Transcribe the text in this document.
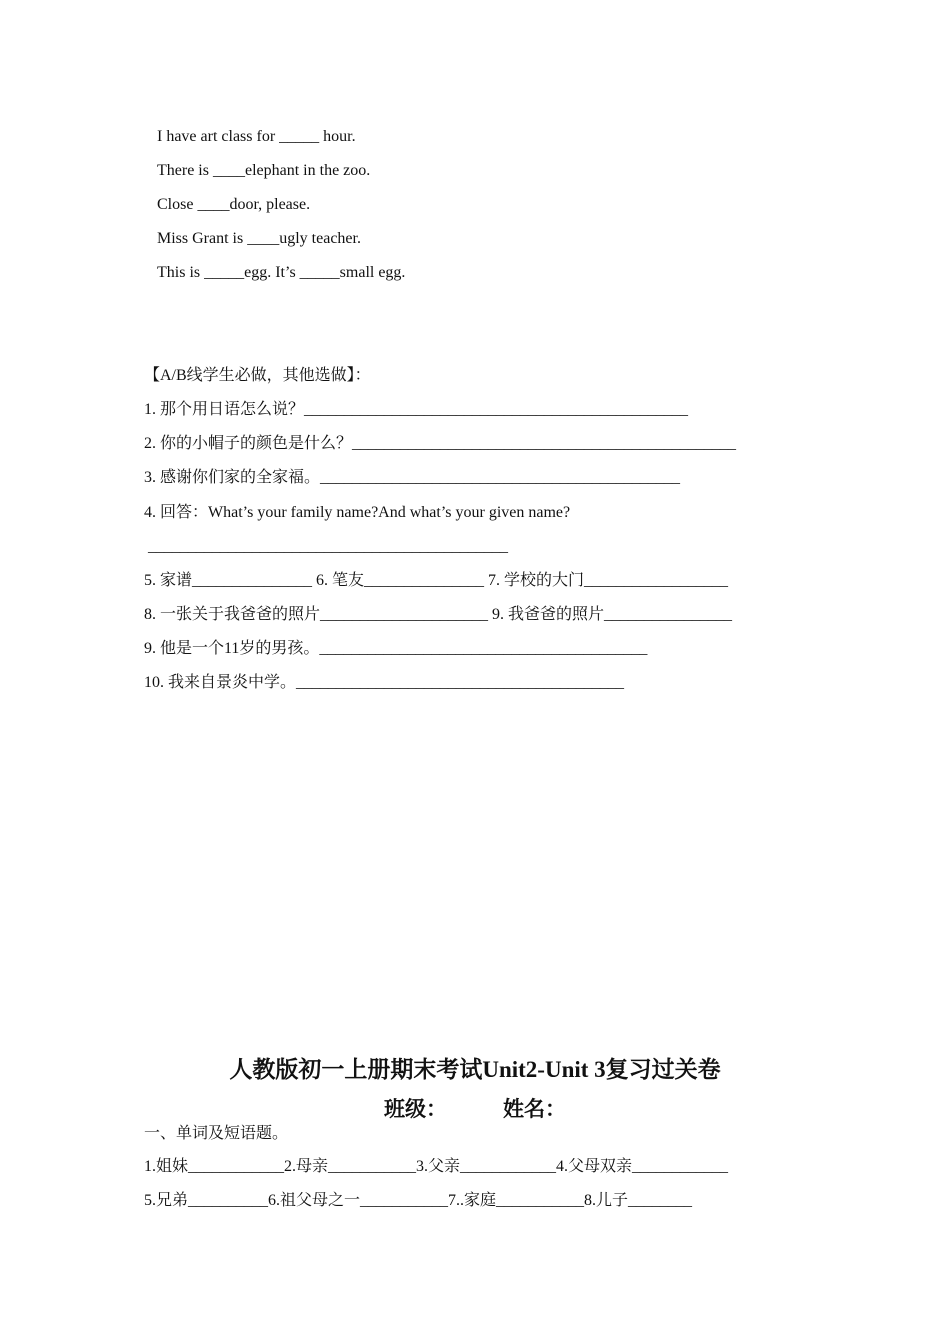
I have art class for _____ hour.
There is ____elephant in the zoo.
Close ____door, please.
Miss Grant is ____ugly teacher.
This is _____egg. It’s _____small egg.
【A/B线学生必做，其他选做】：
1. 那个用日语怎么说？________________________________________________
2. 你的小帽子的颜色是什么？________________________________________________
3. 感谢你们家的全家福。_____________________________________________
4. 回答：What’s your family name?And what’s your given name?
_____________________________________________
5. 家谱_______________ 6. 笔友_______________ 7. 学校的大门__________________
8. 一张关于我爸爸的照片_____________________ 9. 我爸爸的照片________________
9. 他是一个11岁的男孩。_________________________________________
10. 我来自景炎中学。_________________________________________
人教版初一上册期末考试Unit2-Unit 3复习过关卷
班级：	姓名：
一、单词及短语题。
1.姐妹____________2.母亲___________3.父亲____________4.父母双亲____________
5.兄弟__________6.祖父母之一___________7..家庭___________8.儿子________
